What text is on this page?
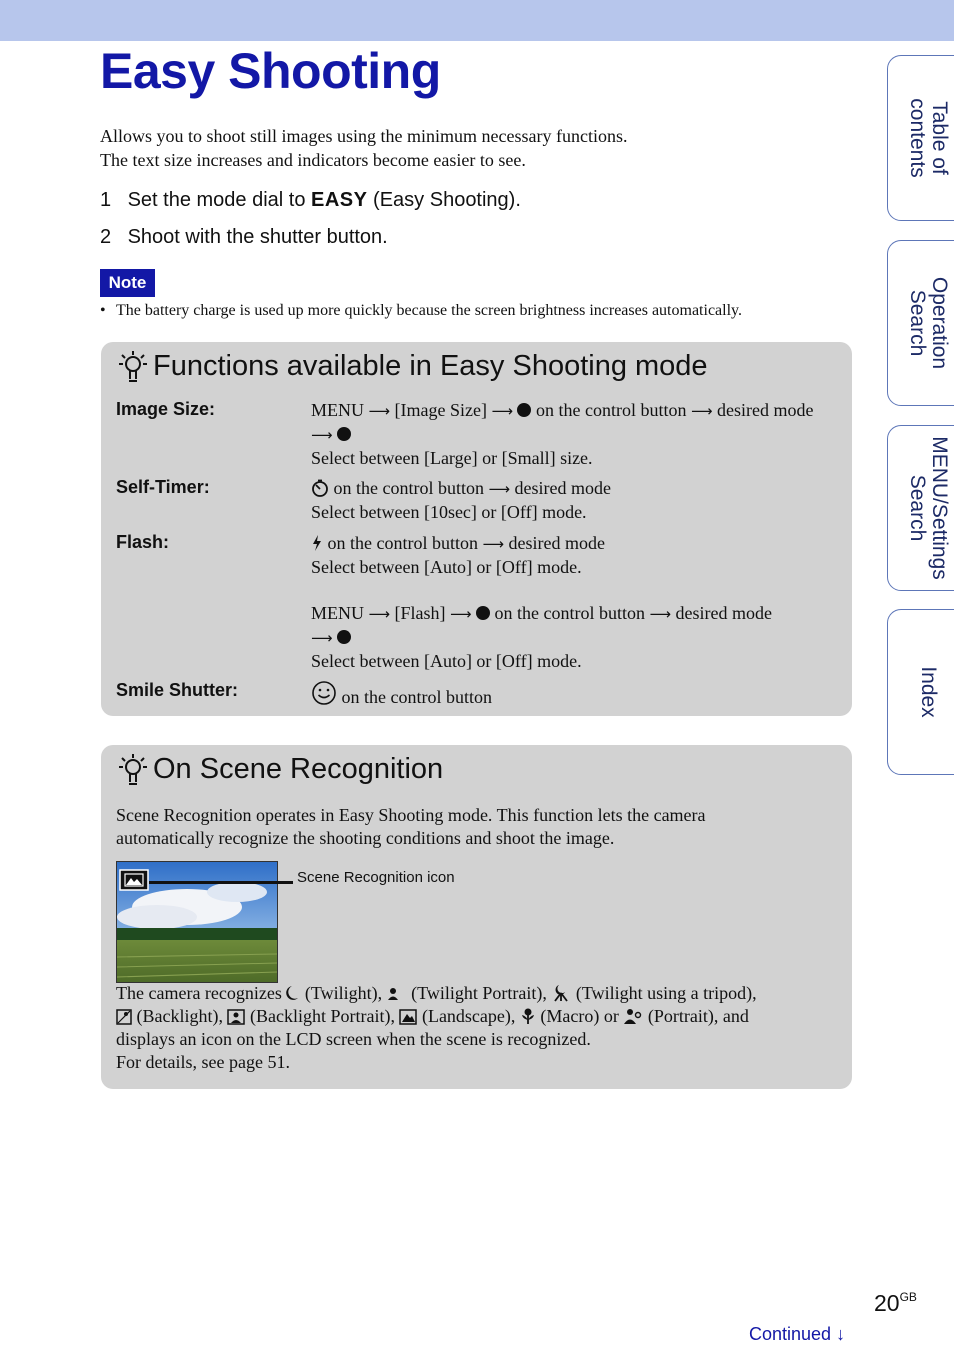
Easy Shooting
Allows you to shoot still images using the minimum necessary functions.
The text size increases and indicators become easier to see.
1 Set the mode dial to EASY (Easy Shooting).
2 Shoot with the shutter button.
Note
• The battery charge is used up more quickly because the screen brightness increases automatically.
Functions available in Easy Shooting mode
Image Size:	MENU ⟶ [Image Size] ⟶ on the control button ⟶ desired mode ⟶
Select between [Large] or [Small] size.
Self-Timer:	on the control button ⟶ desired mode
Select between [10sec] or [Off] mode.
Flash:	on the control button ⟶ desired mode
Select between [Auto] or [Off] mode.

MENU ⟶ [Flash] ⟶ on the control button ⟶ desired mode
⟶
Select between [Auto] or [Off] mode.
Smile Shutter:	on the control button
On Scene Recognition
Scene Recognition operates in Easy Shooting mode. This function lets the camera
automatically recognize the shooting conditions and shoot the image.
Scene Recognition icon
The camera recognizes (Twilight), (Twilight Portrait), (Twilight using a tripod),
(Backlight), (Backlight Portrait), (Landscape), (Macro) or (Portrait), and
displays an icon on the LCD screen when the scene is recognized.
For details, see page 51.
Table of
contents
Operation
Search
MENU/Settings
Search
Index
$20^{GB}$
Continued ↓
